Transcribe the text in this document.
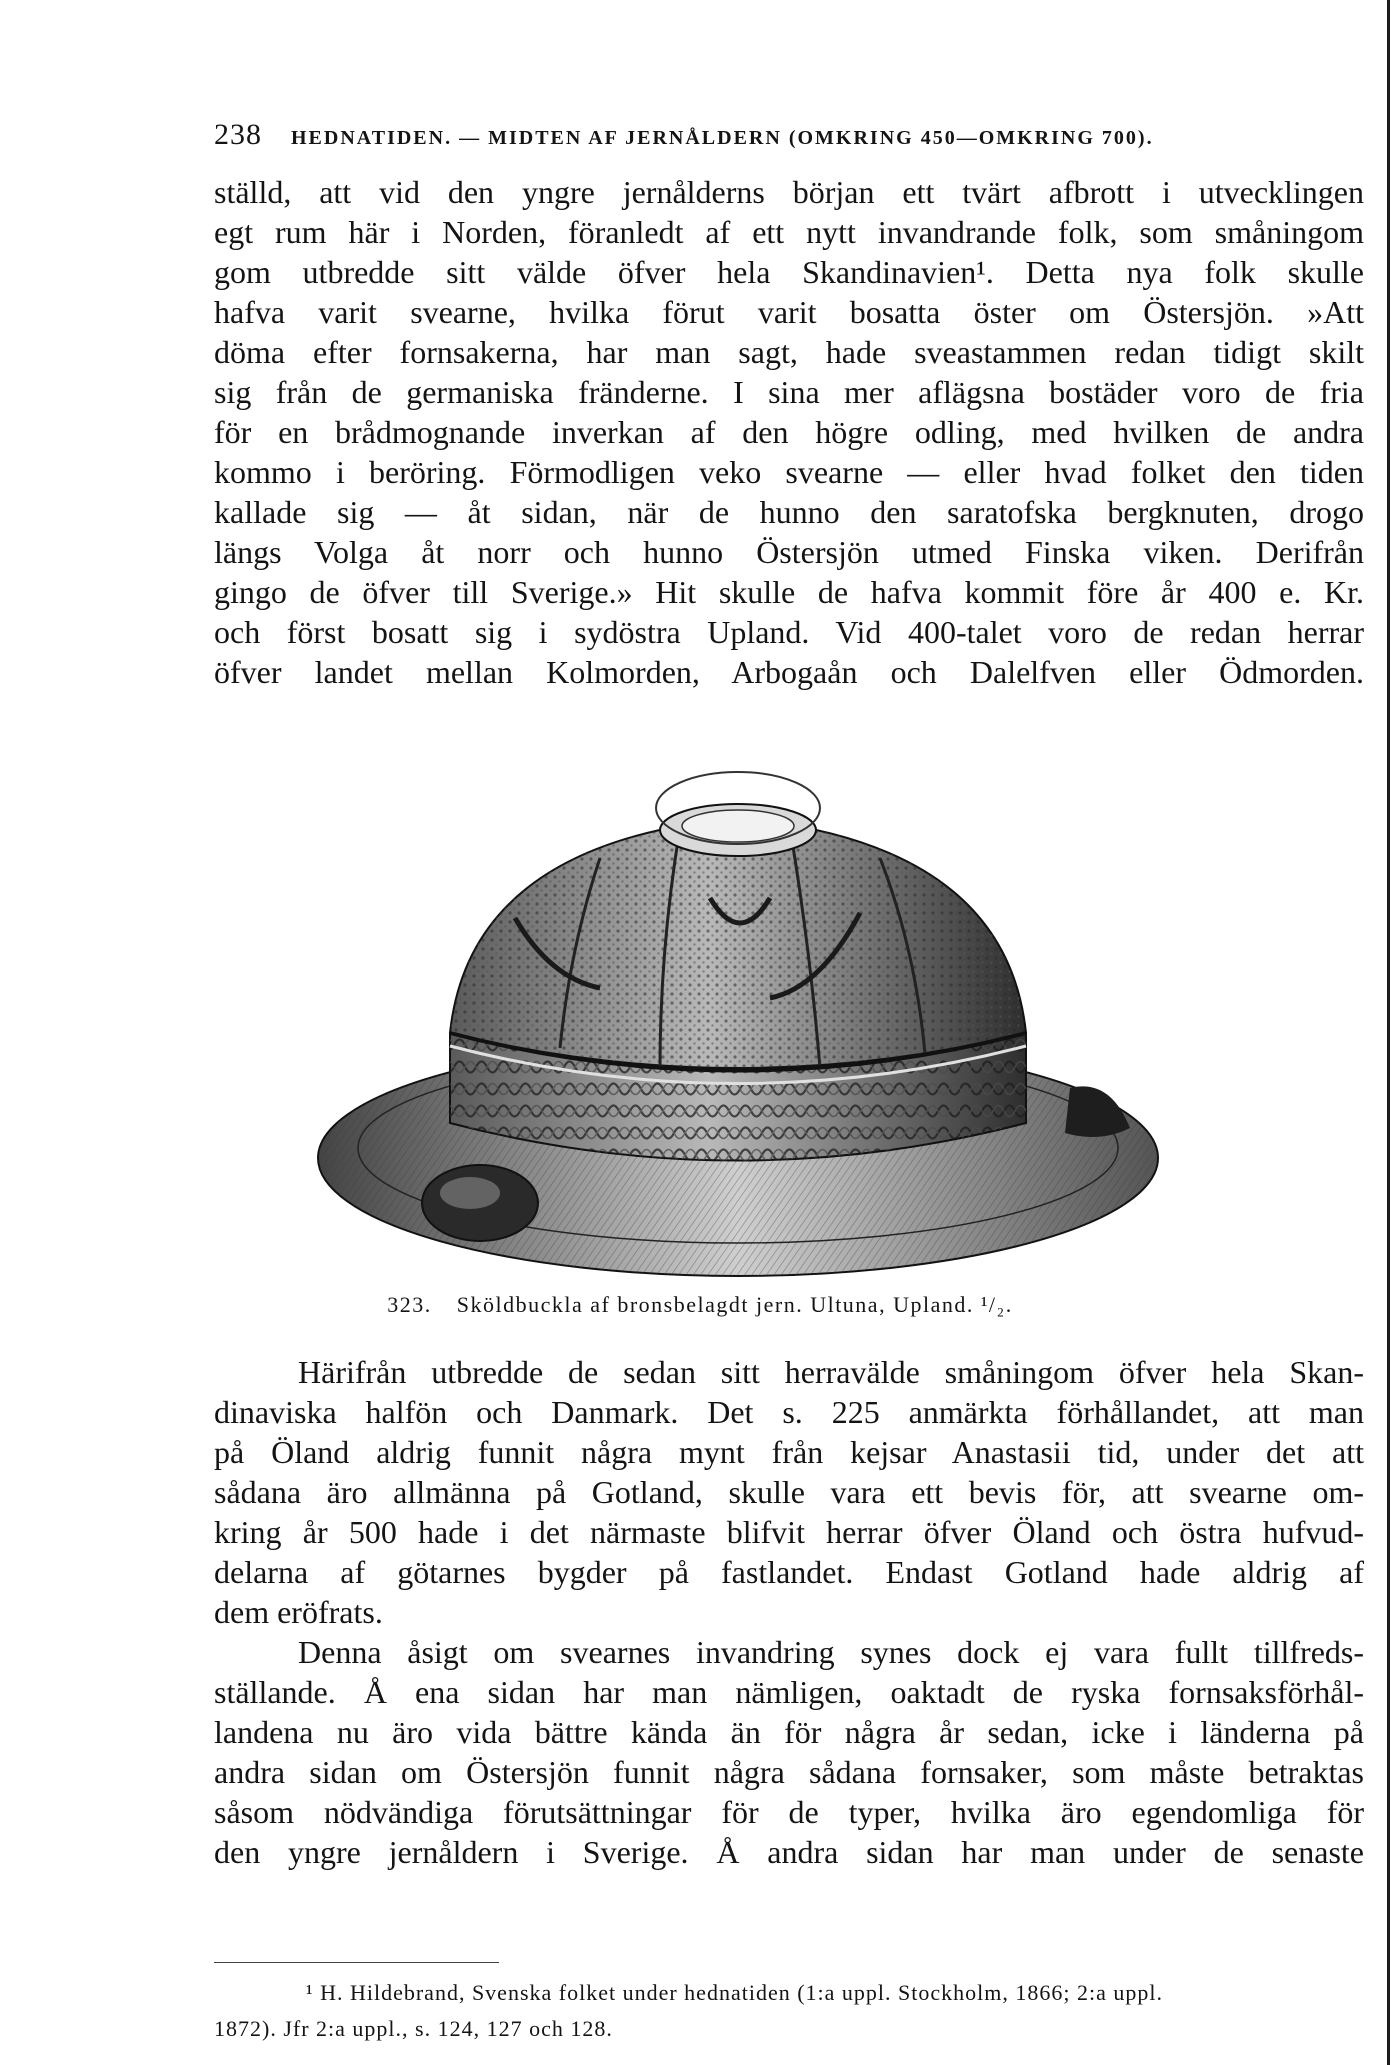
238 HEDNATIDEN. — MIDTEN AF JERNÅLDERN (OMKRING 450—OMKRING 700).
ställd, att vid den yngre jernålderns början ett tvärt afbrott i utvecklingen
egt rum här i Norden, föranledt af ett nytt invandrande folk, som småningom
gom utbredde sitt välde öfver hela Skandinavien¹. Detta nya folk skulle
hafva varit svearne, hvilka förut varit bosatta öster om Östersjön. »Att
döma efter fornsakerna, har man sagt, hade sveastammen redan tidigt skilt
sig från de germaniska fränderne. I sina mer aflägsna bostäder voro de fria
för en brådmognande inverkan af den högre odling, med hvilken de andra
kommo i beröring. Förmodligen veko svearne — eller hvad folket den tiden
kallade sig — åt sidan, när de hunno den saratofska bergknuten, drogo
längs Volga åt norr och hunno Östersjön utmed Finska viken. Derifrån
gingo de öfver till Sverige.» Hit skulle de hafva kommit före år 400 e. Kr.
och först bosatt sig i sydöstra Upland. Vid 400-talet voro de redan herrar
öfver landet mellan Kolmorden, Arbogaån och Dalelfven eller Ödmorden.
323. Sköldbuckla af bronsbelagdt jern. Ultuna, Upland. ¹/₂.
Härifrån utbredde de sedan sitt herravälde småningom öfver hela Skan-
dinaviska halfön och Danmark. Det s. 225 anmärkta förhållandet, att man
på Öland aldrig funnit några mynt från kejsar Anastasii tid, under det att
sådana äro allmänna på Gotland, skulle vara ett bevis för, att svearne om-
kring år 500 hade i det närmaste blifvit herrar öfver Öland och östra hufvud-
delarna af götarnes bygder på fastlandet. Endast Gotland hade aldrig af
dem eröfrats.
Denna åsigt om svearnes invandring synes dock ej vara fullt tillfreds-
ställande. Å ena sidan har man nämligen, oaktadt de ryska fornsaksförhål-
landena nu äro vida bättre kända än för några år sedan, icke i länderna på
andra sidan om Östersjön funnit några sådana fornsaker, som måste betraktas
såsom nödvändiga förutsättningar för de typer, hvilka äro egendomliga för
den yngre jernåldern i Sverige. Å andra sidan har man under de senaste
¹ H. Hildebrand, Svenska folket under hednatiden (1:a uppl. Stockholm, 1866; 2:a uppl.
1872). Jfr 2:a uppl., s. 124, 127 och 128.
